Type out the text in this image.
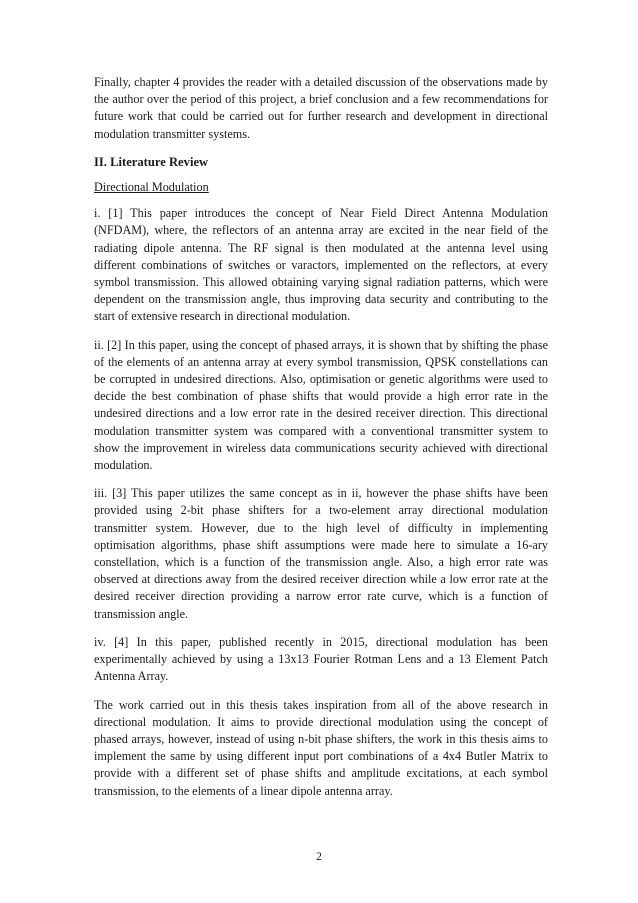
Finally, chapter 4 provides the reader with a detailed discussion of the observations made by the author over the period of this project, a brief conclusion and a few recommendations for future work that could be carried out for further research and development in directional modulation transmitter systems.

II. Literature Review
Directional Modulation

i. [1] This paper introduces the concept of Near Field Direct Antenna Modulation (NFDAM), where, the reflectors of an antenna array are excited in the near field of the radiating dipole antenna. The RF signal is then modulated at the antenna level using different combinations of switches or varactors, implemented on the reflectors, at every symbol transmission. This allowed obtaining varying signal radiation patterns, which were dependent on the transmission angle, thus improving data security and contributing to the start of extensive research in directional modulation.

ii. [2] In this paper, using the concept of phased arrays, it is shown that by shifting the phase of the elements of an antenna array at every symbol transmission, QPSK constellations can be corrupted in undesired directions. Also, optimisation or genetic algorithms were used to decide the best combination of phase shifts that would provide a high error rate in the undesired directions and a low error rate in the desired receiver direction. This directional modulation transmitter system was compared with a conventional transmitter system to show the improvement in wireless data communications security achieved with directional modulation.

iii. [3] This paper utilizes the same concept as in ii, however the phase shifts have been provided using 2-bit phase shifters for a two-element array directional modulation transmitter system. However, due to the high level of difficulty in implementing optimisation algorithms, phase shift assumptions were made here to simulate a 16-ary constellation, which is a function of the transmission angle. Also, a high error rate was observed at directions away from the desired receiver direction while a low error rate at the desired receiver direction providing a narrow error rate curve, which is a function of transmission angle.

iv. [4] In this paper, published recently in 2015, directional modulation has been experimentally achieved by using a 13x13 Fourier Rotman Lens and a 13 Element Patch Antenna Array.

The work carried out in this thesis takes inspiration from all of the above research in directional modulation. It aims to provide directional modulation using the concept of phased arrays, however, instead of using n-bit phase shifters, the work in this thesis aims to implement the same by using different input port combinations of a 4x4 Butler Matrix to provide with a different set of phase shifts and amplitude excitations, at each symbol transmission, to the elements of a linear dipole antenna array.

2
